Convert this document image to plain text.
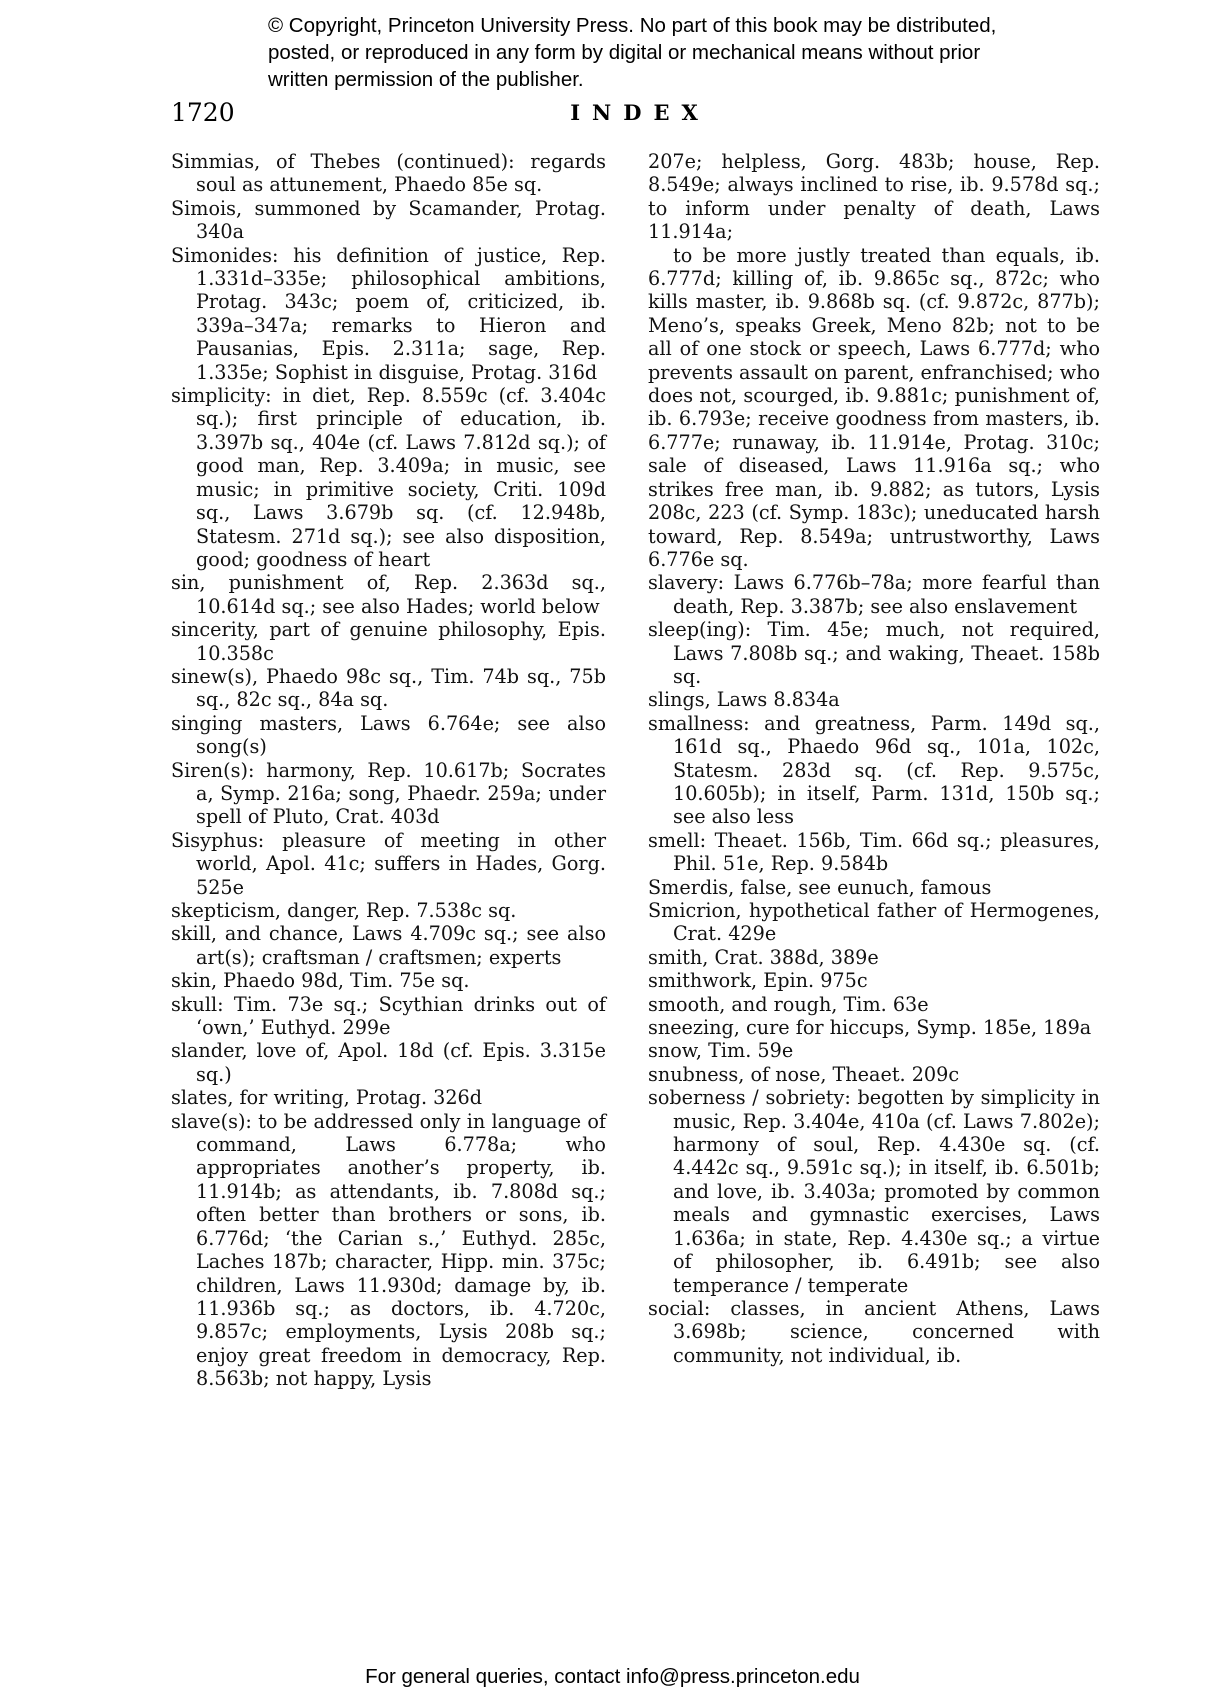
© Copyright, Princeton University Press. No part of this book may be distributed, posted, or reproduced in any form by digital or mechanical means without prior written permission of the publisher.
1720	INDEX

Simmias, of Thebes (continued): regards soul as attunement, Phaedo 85e sq.

Simois, summoned by Scamander, Protag. 340a

Simonides: his definition of justice, Rep. 1.331d–335e; philosophical ambitions, Protag. 343c; poem of, criticized, ib. 339a–347a; remarks to Hieron and Pausanias, Epis. 2.311a; sage, Rep. 1.335e; Sophist in disguise, Protag. 316d

simplicity: in diet, Rep. 8.559c (cf. 3.404c sq.); first principle of education, ib. 3.397b sq., 404e (cf. Laws 7.812d sq.); of good man, Rep. 3.409a; in music, see music; in primitive society, Criti. 109d sq., Laws 3.679b sq. (cf. 12.948b, Statesm. 271d sq.); see also disposition, good; goodness of heart

sin, punishment of, Rep. 2.363d sq., 10.614d sq.; see also Hades; world below

sincerity, part of genuine philosophy, Epis. 10.358c

sinew(s), Phaedo 98c sq., Tim. 74b sq., 75b sq., 82c sq., 84a sq.

singing masters, Laws 6.764e; see also song(s)

Siren(s): harmony, Rep. 10.617b; Socrates a, Symp. 216a; song, Phaedr. 259a; under spell of Pluto, Crat. 403d

Sisyphus: pleasure of meeting in other world, Apol. 41c; suffers in Hades, Gorg. 525e

skepticism, danger, Rep. 7.538c sq.

skill, and chance, Laws 4.709c sq.; see also art(s); craftsman / craftsmen; experts

skin, Phaedo 98d, Tim. 75e sq.

skull: Tim. 73e sq.; Scythian drinks out of ‘own,’ Euthyd. 299e

slander, love of, Apol. 18d (cf. Epis. 3.315e sq.)

slates, for writing, Protag. 326d

slave(s): to be addressed only in language of command, Laws 6.778a; who appropriates another’s property, ib. 11.914b; as attendants, ib. 7.808d sq.; often better than brothers or sons, ib. 6.776d; ‘the Carian s.,’ Euthyd. 285c, Laches 187b; character, Hipp. min. 375c; children, Laws 11.930d; damage by, ib. 11.936b sq.; as doctors, ib. 4.720c, 9.857c; employments, Lysis 208b sq.; enjoy great freedom in democracy, Rep. 8.563b; not happy, Lysis

207e; helpless, Gorg. 483b; house, Rep. 8.549e; always inclined to rise, ib. 9.578d sq.; to inform under penalty of death, Laws 11.914a;

to be more justly treated than equals, ib. 6.777d; killing of, ib. 9.865c sq., 872c; who kills master, ib. 9.868b sq. (cf. 9.872c, 877b); Meno’s, speaks Greek, Meno 82b; not to be all of one stock or speech, Laws 6.777d; who prevents assault on parent, enfranchised; who does not, scourged, ib. 9.881c; punishment of, ib. 6.793e; receive goodness from masters, ib. 6.777e; runaway, ib. 11.914e, Protag. 310c; sale of diseased, Laws 11.916a sq.; who strikes free man, ib. 9.882; as tutors, Lysis 208c, 223 (cf. Symp. 183c); uneducated harsh toward, Rep. 8.549a; untrustworthy, Laws 6.776e sq.

slavery: Laws 6.776b–78a; more fearful than death, Rep. 3.387b; see also enslavement

sleep(ing): Tim. 45e; much, not required, Laws 7.808b sq.; and waking, Theaet. 158b sq.

slings, Laws 8.834a

smallness: and greatness, Parm. 149d sq., 161d sq., Phaedo 96d sq., 101a, 102c, Statesm. 283d sq. (cf. Rep. 9.575c, 10.605b); in itself, Parm. 131d, 150b sq.; see also less

smell: Theaet. 156b, Tim. 66d sq.; pleasures, Phil. 51e, Rep. 9.584b

Smerdis, false, see eunuch, famous

Smicrion, hypothetical father of Hermogenes, Crat. 429e

smith, Crat. 388d, 389e

smithwork, Epin. 975c

smooth, and rough, Tim. 63e

sneezing, cure for hiccups, Symp. 185e, 189a

snow, Tim. 59e

snubness, of nose, Theaet. 209c

soberness / sobriety: begotten by simplicity in music, Rep. 3.404e, 410a (cf. Laws 7.802e); harmony of soul, Rep. 4.430e sq. (cf. 4.442c sq., 9.591c sq.); in itself, ib. 6.501b; and love, ib. 3.403a; promoted by common meals and gymnastic exercises, Laws 1.636a; in state, Rep. 4.430e sq.; a virtue of philosopher, ib. 6.491b; see also temperance / temperate

social: classes, in ancient Athens, Laws 3.698b; science, concerned with community, not individual, ib.

For general queries, contact info@press.princeton.edu
